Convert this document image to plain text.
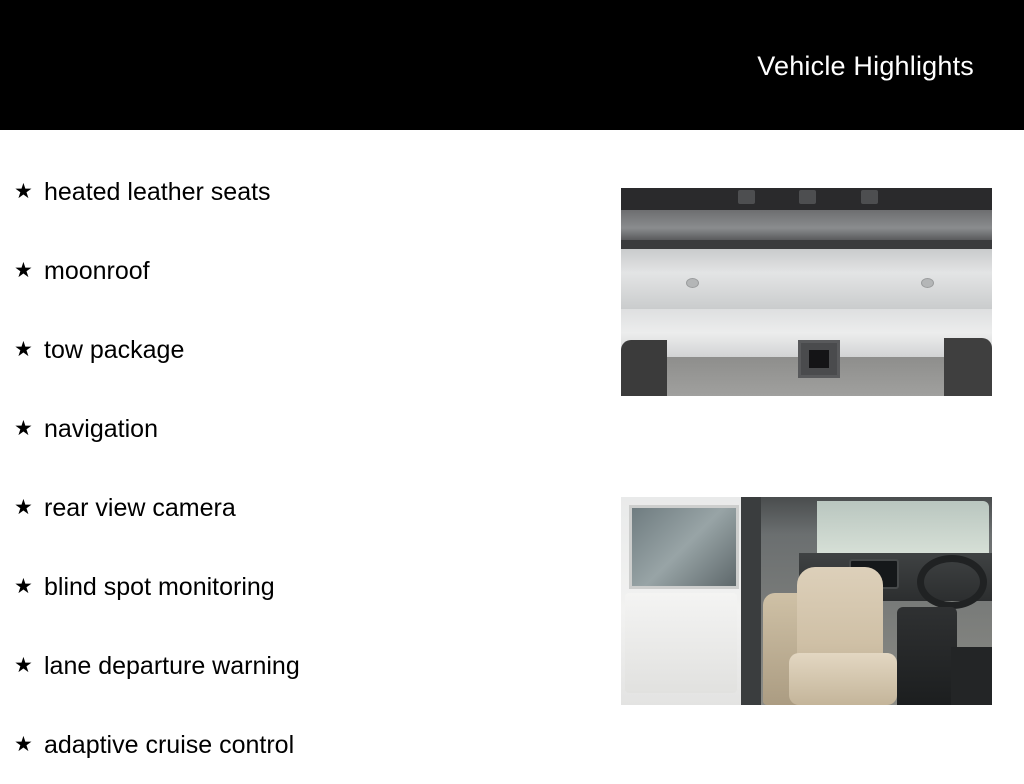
Vehicle Highlights
★ heated leather seats
★ moonroof
★ tow package
★ navigation
★ rear view camera
★ blind spot monitoring
★ lane departure warning
★ adaptive cruise control
